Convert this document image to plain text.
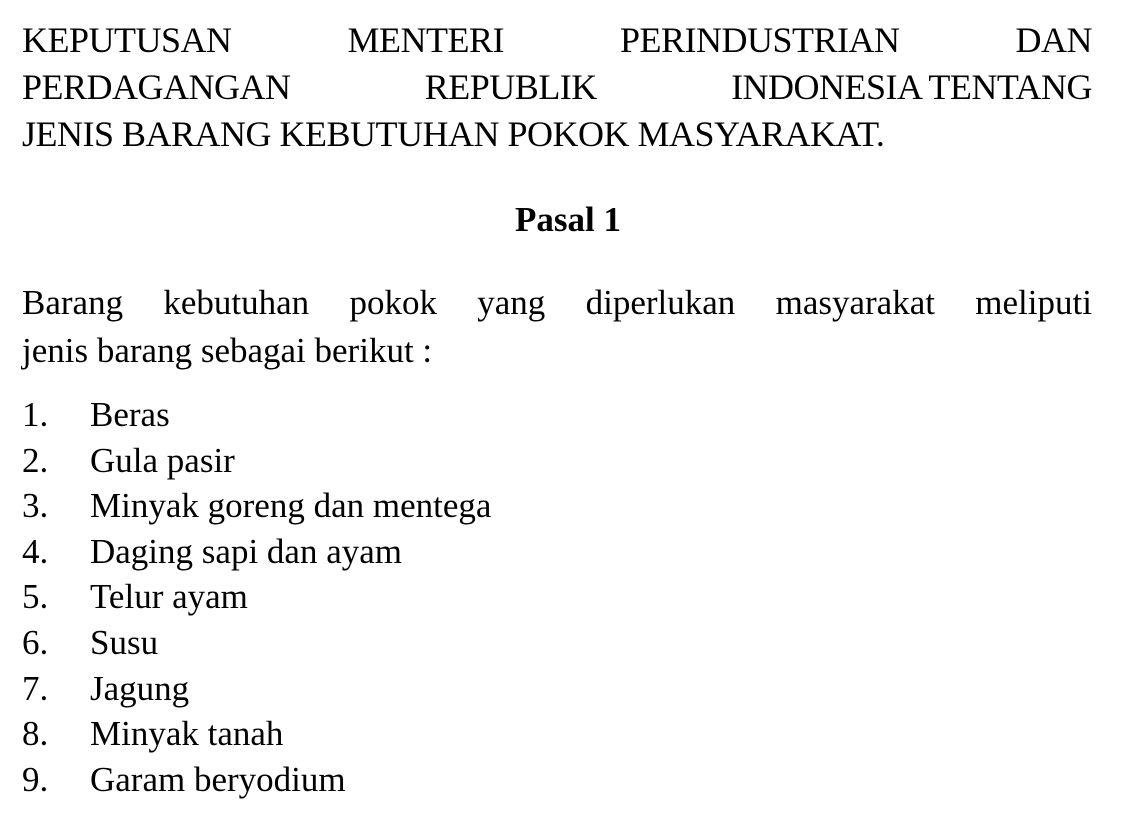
KEPUTUSAN	MENTERI	PERINDUSTRIAN	DAN
PERDAGANGAN	REPUBLIK	INDONESIA TENTANG
JENIS BARANG KEBUTUHAN POKOK MASYARAKAT.
Pasal 1

Barang kebutuhan pokok yang diperlukan masyarakat meliputi
jenis barang sebagai berikut :

1.	Beras
2.	Gula pasir
3.	Minyak goreng dan mentega
4.	Daging sapi dan ayam
5.	Telur ayam
6.	Susu
7.	Jagung
8.	Minyak tanah
9.	Garam beryodium
